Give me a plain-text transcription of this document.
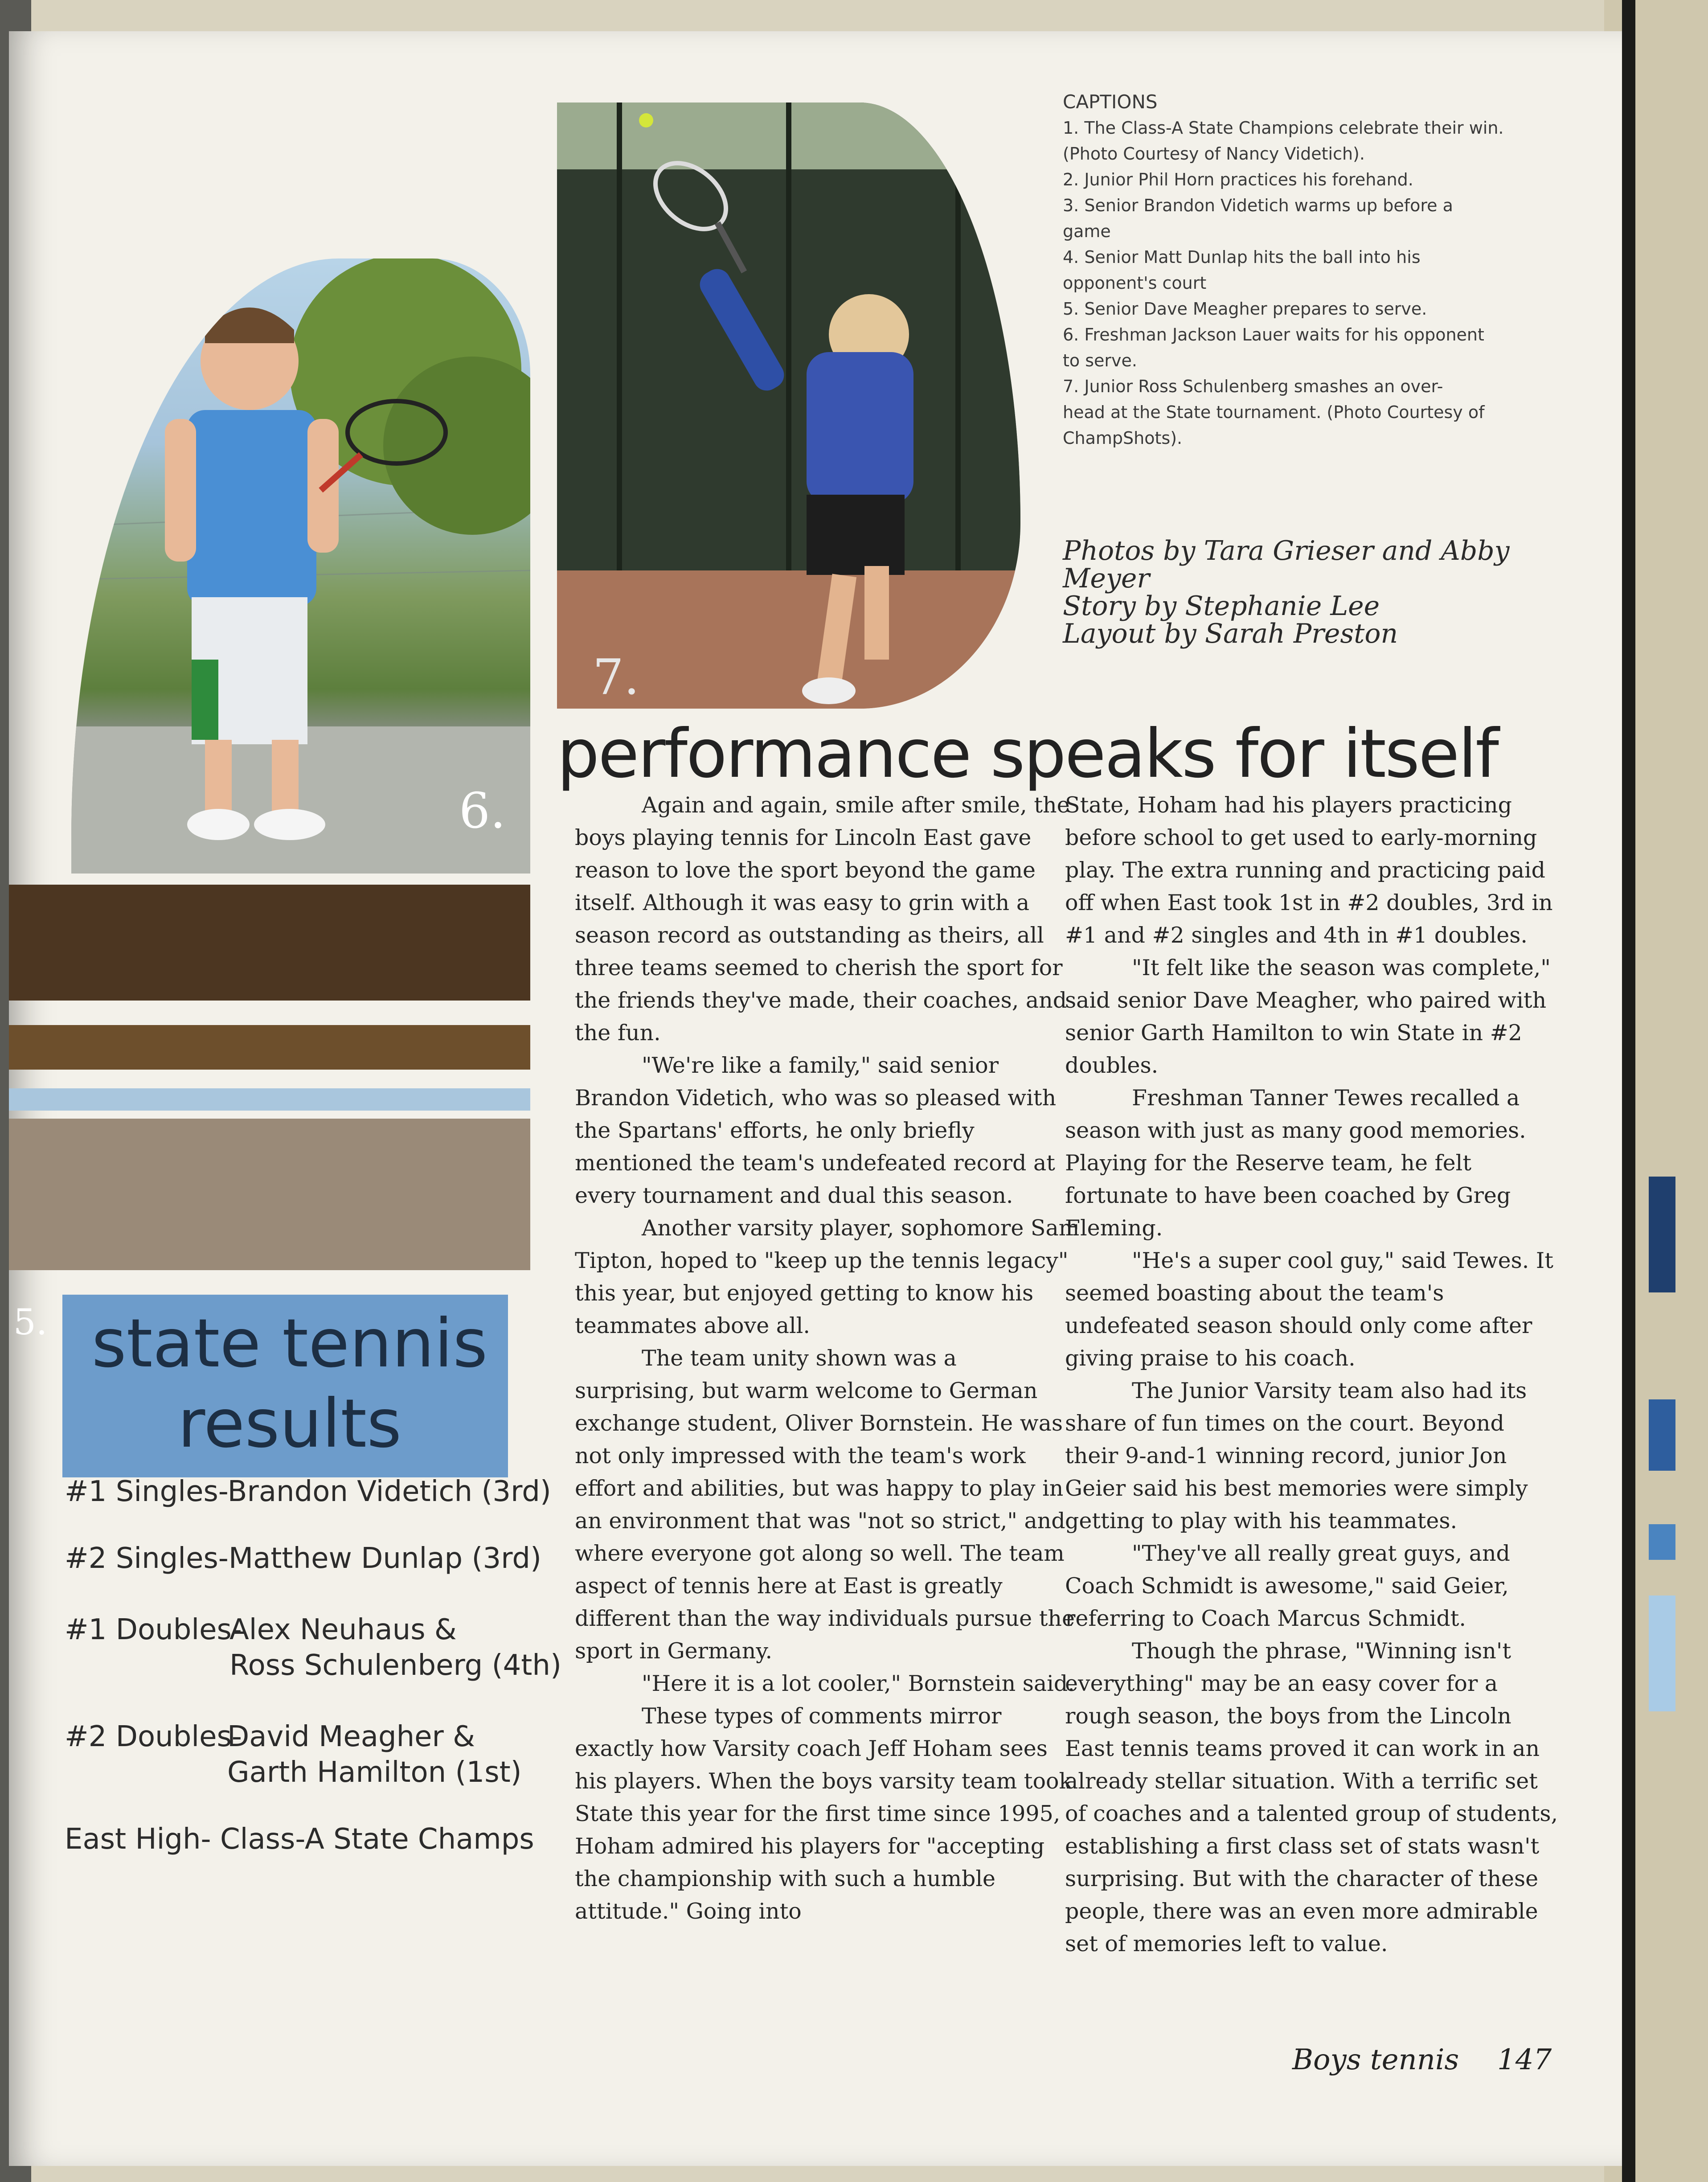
6.
7.
5. state tennis
results
#1 Singles-Brandon Videtich (3rd)
#2 Singles-Matthew Dunlap (3rd)
#1 Doubles-
Alex Neuhaus &
Ross Schulenberg (4th)
#2 Doubles-
David Meagher &
Garth Hamilton (1st)
East High- Class-A State Champs
CAPTIONS
1. The Class-A State Champions celebrate their win.
(Photo Courtesy of Nancy Videtich).
2. Junior Phil Horn practices his forehand.
3. Senior Brandon Videtich warms up before a
game
4. Senior Matt Dunlap hits the ball into his
opponent's court
5. Senior Dave Meagher prepares to serve.
6. Freshman Jackson Lauer waits for his opponent
to serve.
7. Junior Ross Schulenberg smashes an over-
head at the State tournament. (Photo Courtesy of
ChampShots).
Photos by Tara Grieser and Abby
Meyer
Story by Stephanie Lee
Layout by Sarah Preston
performance speaks for itself

Again and again, smile after smile, the boys playing tennis for Lincoln East gave reason to love the sport beyond the game itself. Although it was easy to grin with a season record as outstanding as theirs, all three teams seemed to cherish the sport for the friends they've made, their coaches, and the fun.

"We're like a family," said senior Brandon Videtich, who was so pleased with the Spartans' efforts, he only briefly mentioned the team's undefeated record at every tournament and dual this season.

Another varsity player, sophomore Sam Tipton, hoped to "keep up the tennis legacy" this year, but enjoyed getting to know his teammates above all.

The team unity shown was a surprising, but warm welcome to German exchange student, Oliver Bornstein. He was not only impressed with the team's work effort and abilities, but was happy to play in an environment that was "not so strict," and where everyone got along so well. The team aspect of tennis here at East is greatly different than the way individuals pursue the sport in Germany.

"Here it is a lot cooler," Bornstein said.

These types of comments mirror exactly how Varsity coach Jeff Hoham sees his players. When the boys varsity team took State this year for the first time since 1995, Hoham admired his players for "accepting the championship with such a humble attitude." Going into

State, Hoham had his players practicing before school to get used to early-morning play. The extra running and practicing paid off when East took 1st in #2 doubles, 3rd in #1 and #2 singles and 4th in #1 doubles.

"It felt like the season was complete," said senior Dave Meagher, who paired with senior Garth Hamilton to win State in #2 doubles.

Freshman Tanner Tewes recalled a season with just as many good memories. Playing for the Reserve team, he felt fortunate to have been coached by Greg Fleming.

"He's a super cool guy," said Tewes. It seemed boasting about the team's undefeated season should only come after giving praise to his coach.

The Junior Varsity team also had its share of fun times on the court. Beyond their 9-and-1 winning record, junior Jon Geier said his best memories were simply getting to play with his teammates.

"They've all really great guys, and Coach Schmidt is awesome," said Geier, referring to Coach Marcus Schmidt.

Though the phrase, "Winning isn't everything" may be an easy cover for a rough season, the boys from the Lincoln East tennis teams proved it can work in an already stellar situation. With a terrific set of coaches and a talented group of students, establishing a first class set of stats wasn't surprising. But with the character of these people, there was an even more admirable set of memories left to value.

Boys tennis 147
